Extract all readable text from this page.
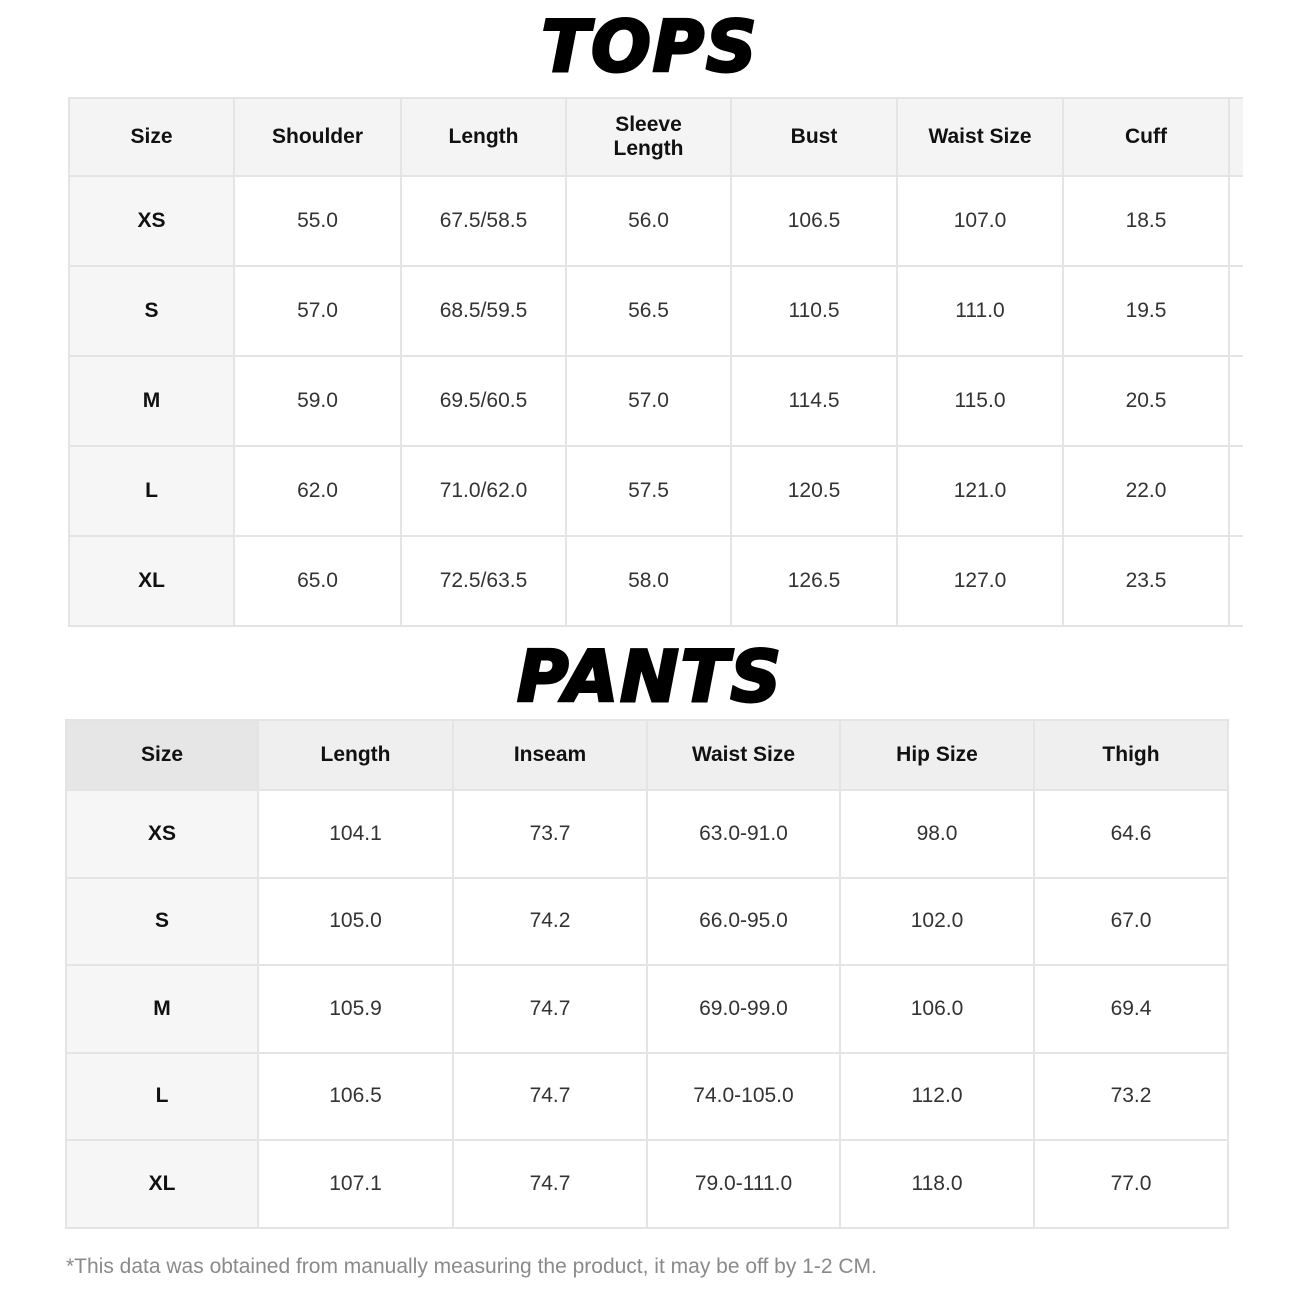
TOPS
Size	Shoulder	Length	Sleeve Length	Bust	Waist Size	Cuff	
XS	55.0	67.5/58.5	56.0	106.5	107.0	18.5	
S	57.0	68.5/59.5	56.5	110.5	111.0	19.5	
M	59.0	69.5/60.5	57.0	114.5	115.0	20.5	
L	62.0	71.0/62.0	57.5	120.5	121.0	22.0	
XL	65.0	72.5/63.5	58.0	126.5	127.0	23.5	
PANTS
Size	Length	Inseam	Waist Size	Hip Size	Thigh
XS	104.1	73.7	63.0-91.0	98.0	64.6
S	105.0	74.2	66.0-95.0	102.0	67.0
M	105.9	74.7	69.0-99.0	106.0	69.4
L	106.5	74.7	74.0-105.0	112.0	73.2
XL	107.1	74.7	79.0-111.0	118.0	77.0
*This data was obtained from manually measuring the product, it may be off by 1-2 CM.
